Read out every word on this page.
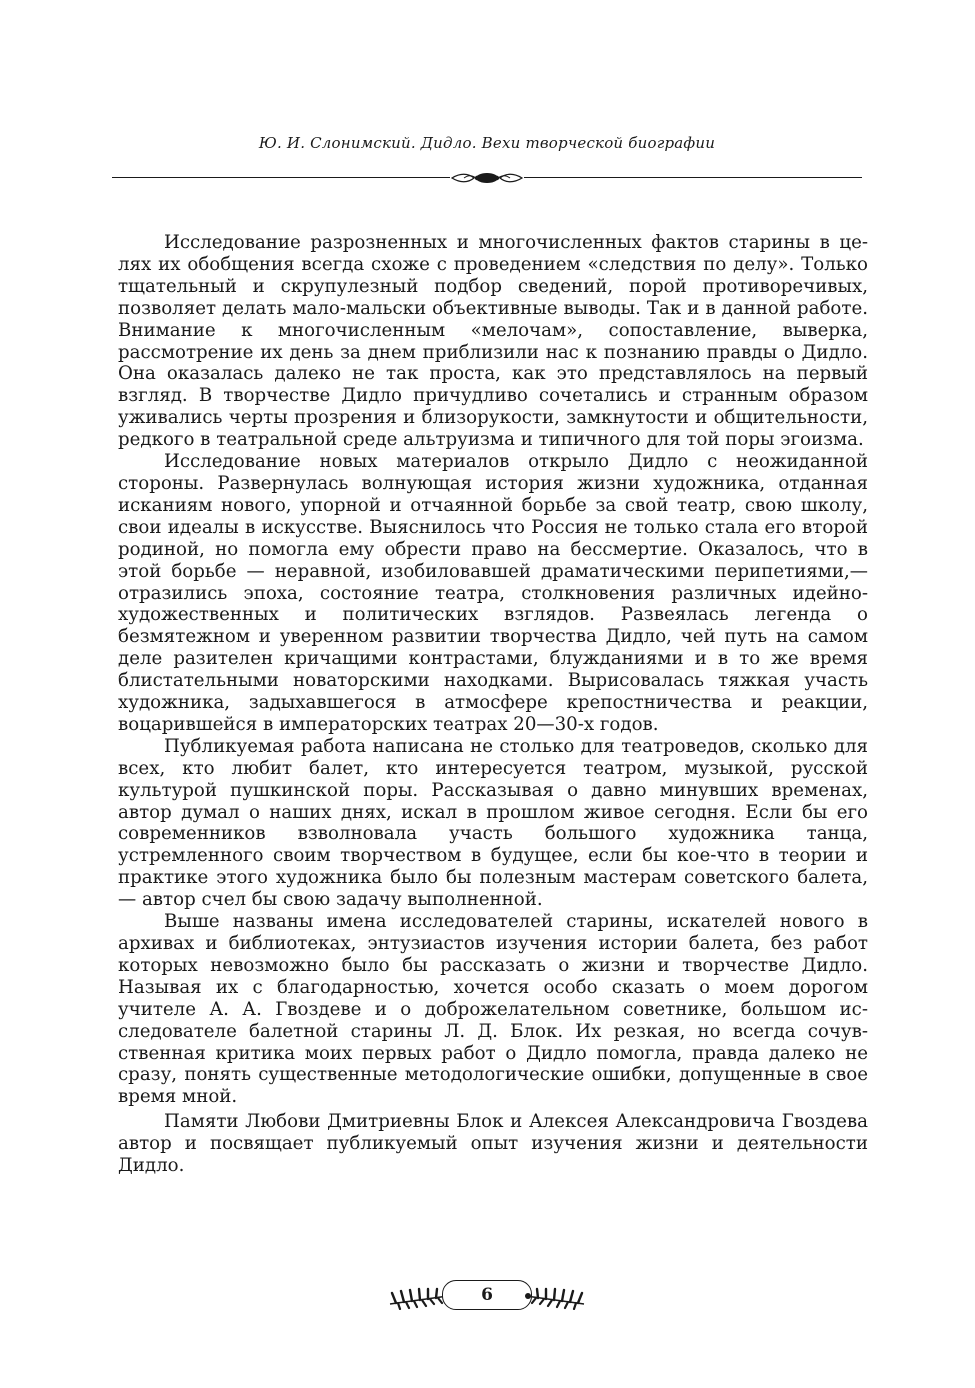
Ю. И. Слонимский. Дидло. Вехи творческой биографии

Исследование разрозненных и многочисленных фактов старины в целях их обобщения всегда схоже с проведением «следствия по делу». Только тщательный и скрупулезный подбор сведений, порой противоречивых, позволяет делать мало-мальски объективные выводы. Так и в данной работе. Внимание к многочисленным «мелочам», сопоставление, выверка, рассмотрение их день за днем приблизили нас к познанию правды о Дидло. Она оказалась далеко не так проста, как это представлялось на первый взгляд. В творчестве Дидло причудливо сочетались и странным образом уживались черты прозрения и близорукости, замкнутости и общительности, редкого в театральной среде альтруизма и типичного для той поры эгоизма.

Исследование новых материалов открыло Дидло с неожиданной стороны. Развернулась волнующая история жизни художника, отданная исканиям нового, упорной и отчаянной борьбе за свой театр, свою школу, свои идеалы в искусстве. Выяснилось что Россия не только стала его второй родиной, но помогла ему обрести право на бессмертие. Оказалось, что в этой борьбе — неравной, изобиловавшей драматическими перипетиями,— отразились эпоха, состояние театра, столкновения различных идейно-художественных и политических взглядов. Развеялась легенда о безмятежном и уверенном развитии творчества Дидло, чей путь на самом деле разителен кричащими контрастами, блужданиями и в то же время блистательными новаторскими находками. Вырисовалась тяжкая участь художника, задыхавшегося в атмосфере крепостничества и реакции, воцарившейся в императорских театрах 20—30-х годов.

Публикуемая работа написана не столько для театроведов, сколько для всех, кто любит балет, кто интересуется театром, музыкой, русской культурой пушкинской поры. Рассказывая о давно минувших временах, автор думал о наших днях, искал в прошлом живое сегодня. Если бы его современников взволновала участь большого художника танца, устремленного своим творчеством в будущее, если бы кое-что в теории и практике этого художника было бы полезным мастерам советского балета,— автор счел бы свою задачу выполненной.

Выше названы имена исследователей старины, искателей нового в архивах и библиотеках, энтузиастов изучения истории балета, без работ которых невозможно было бы рассказать о жизни и творчестве Дидло. Называя их с благодарностью, хочется особо сказать о моем дорогом учителе А. А. Гвоздеве и о доброжелательном советнике, большом исследователе балетной старины Л. Д. Блок. Их резкая, но всегда сочувственная критика моих первых работ о Дидло помогла, правда далеко не сразу, понять существенные методологические ошибки, допущенные в свое время мной.

Памяти Любови Дмитриевны Блок и Алексея Александровича Гвоздева автор и посвящает публикуемый опыт изучения жизни и деятельности Дидло.

6
